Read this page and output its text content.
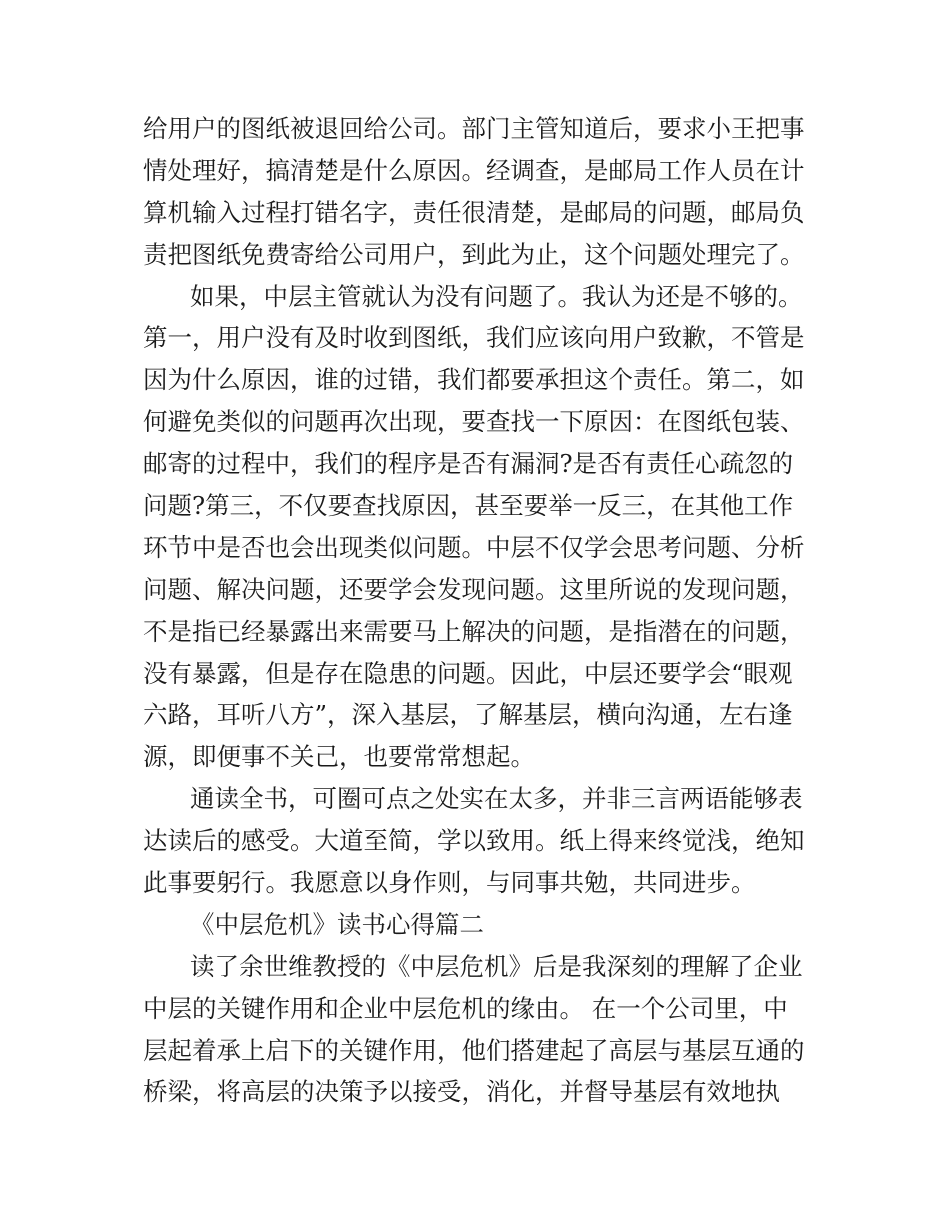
给用户的图纸被退回给公司。部门主管知道后，要求小王把事
情处理好，搞清楚是什么原因。经调查，是邮局工作人员在计
算机输入过程打错名字，责任很清楚，是邮局的问题，邮局负
责把图纸免费寄给公司用户，到此为止，这个问题处理完了。
如果，中层主管就认为没有问题了。我认为还是不够的。
第一，用户没有及时收到图纸，我们应该向用户致歉，不管是
因为什么原因，谁的过错，我们都要承担这个责任。第二，如
何避免类似的问题再次出现，要查找一下原因：在图纸包装、
邮寄的过程中，我们的程序是否有漏洞?是否有责任心疏忽的
问题?第三，不仅要查找原因，甚至要举一反三，在其他工作
环节中是否也会出现类似问题。中层不仅学会思考问题、分析
问题、解决问题，还要学会发现问题。这里所说的发现问题，
不是指已经暴露出来需要马上解决的问题，是指潜在的问题，
没有暴露，但是存在隐患的问题。因此，中层还要学会“眼观
六路，耳听八方”，深入基层，了解基层，横向沟通，左右逢
源，即便事不关己，也要常常想起。
通读全书，可圈可点之处实在太多，并非三言两语能够表
达读后的感受。大道至简，学以致用。纸上得来终觉浅，绝知
此事要躬行。我愿意以身作则，与同事共勉，共同进步。
《中层危机》读书心得篇二
读了余世维教授的《中层危机》后是我深刻的理解了企业
中层的关键作用和企业中层危机的缘由。 在一个公司里，中
层起着承上启下的关键作用，他们搭建起了高层与基层互通的
桥梁，将高层的决策予以接受，消化，并督导基层有效地执
